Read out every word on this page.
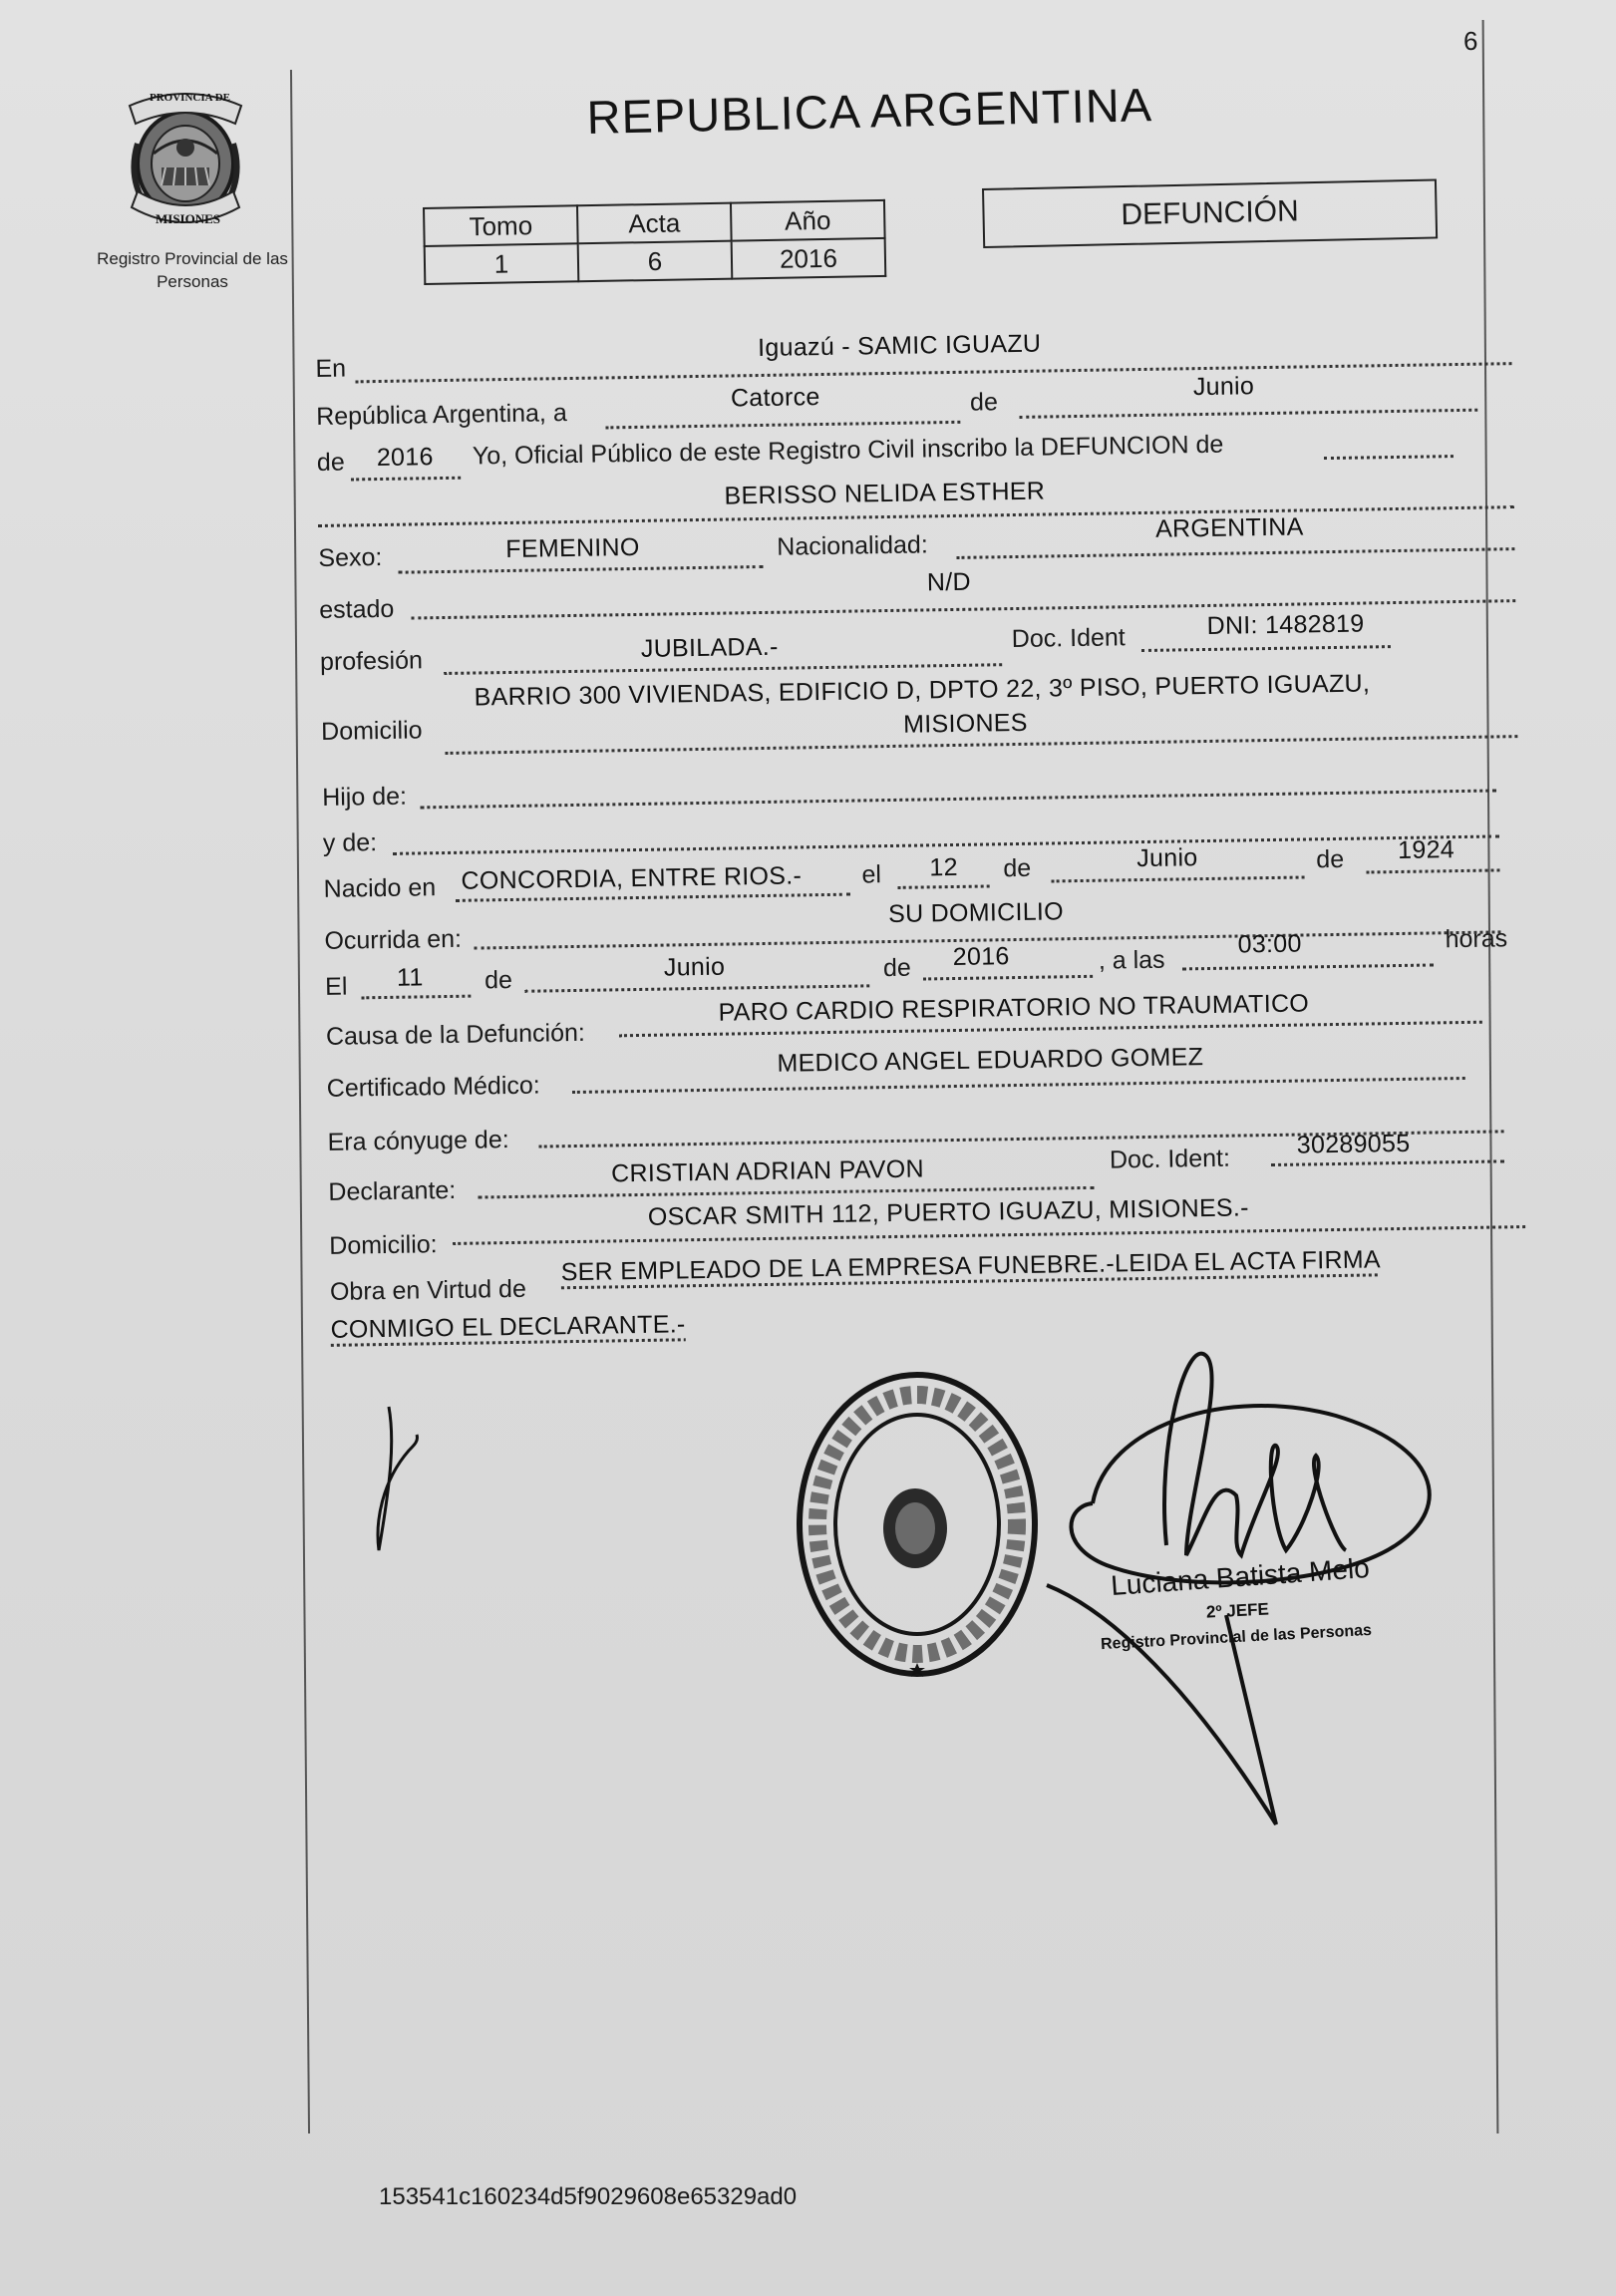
6
PROVINCIA DE
MISIONES
Registro Provincial de las Personas
REPUBLICA ARGENTINA
Tomo	Acta	Año
1	6	2016
DEFUNCIÓN
En
Iguazú - SAMIC IGUAZU
República Argentina, a
Catorce	de
Junio
de 2016 Yo, Oficial Público de este Registro Civil inscribo la DEFUNCION de
BERISSO NELIDA ESTHER
Sexo:	FEMENINO	Nacionalidad:
ARGENTINA
estado
N/D
profesión	JUBILADA.-	Doc. Ident	DNI: 1482819
Domicilio
BARRIO 300 VIVIENDAS, EDIFICIO D, DPTO 22, 3º PISO, PUERTO IGUAZU,
MISIONES
Hijo de:
y de:
Nacido en CONCORDIA, ENTRE RIOS.- el 12 de	Junio	de 1924
Ocurrida en:
SU DOMICILIO
El 11 de	Junio	de 2016	, a las
03:00	horas
Causa de la Defunción:
PARO CARDIO RESPIRATORIO NO TRAUMATICO
Certificado Médico:
MEDICO ANGEL EDUARDO GOMEZ
Era cónyuge de:
Declarante:
CRISTIAN ADRIAN PAVON	Doc. Ident:	30289055
Domicilio:
OSCAR SMITH 112, PUERTO IGUAZU, MISIONES.-
Obra en Virtud de
SER EMPLEADO DE LA EMPRESA FUNEBRE.-LEIDA EL ACTA FIRMA
CONMIGO EL DECLARANTE.-
Luciana Batista Melo
2º JEFE
Registro Provincial de las Personas
153541c160234d5f9029608e65329ad0
